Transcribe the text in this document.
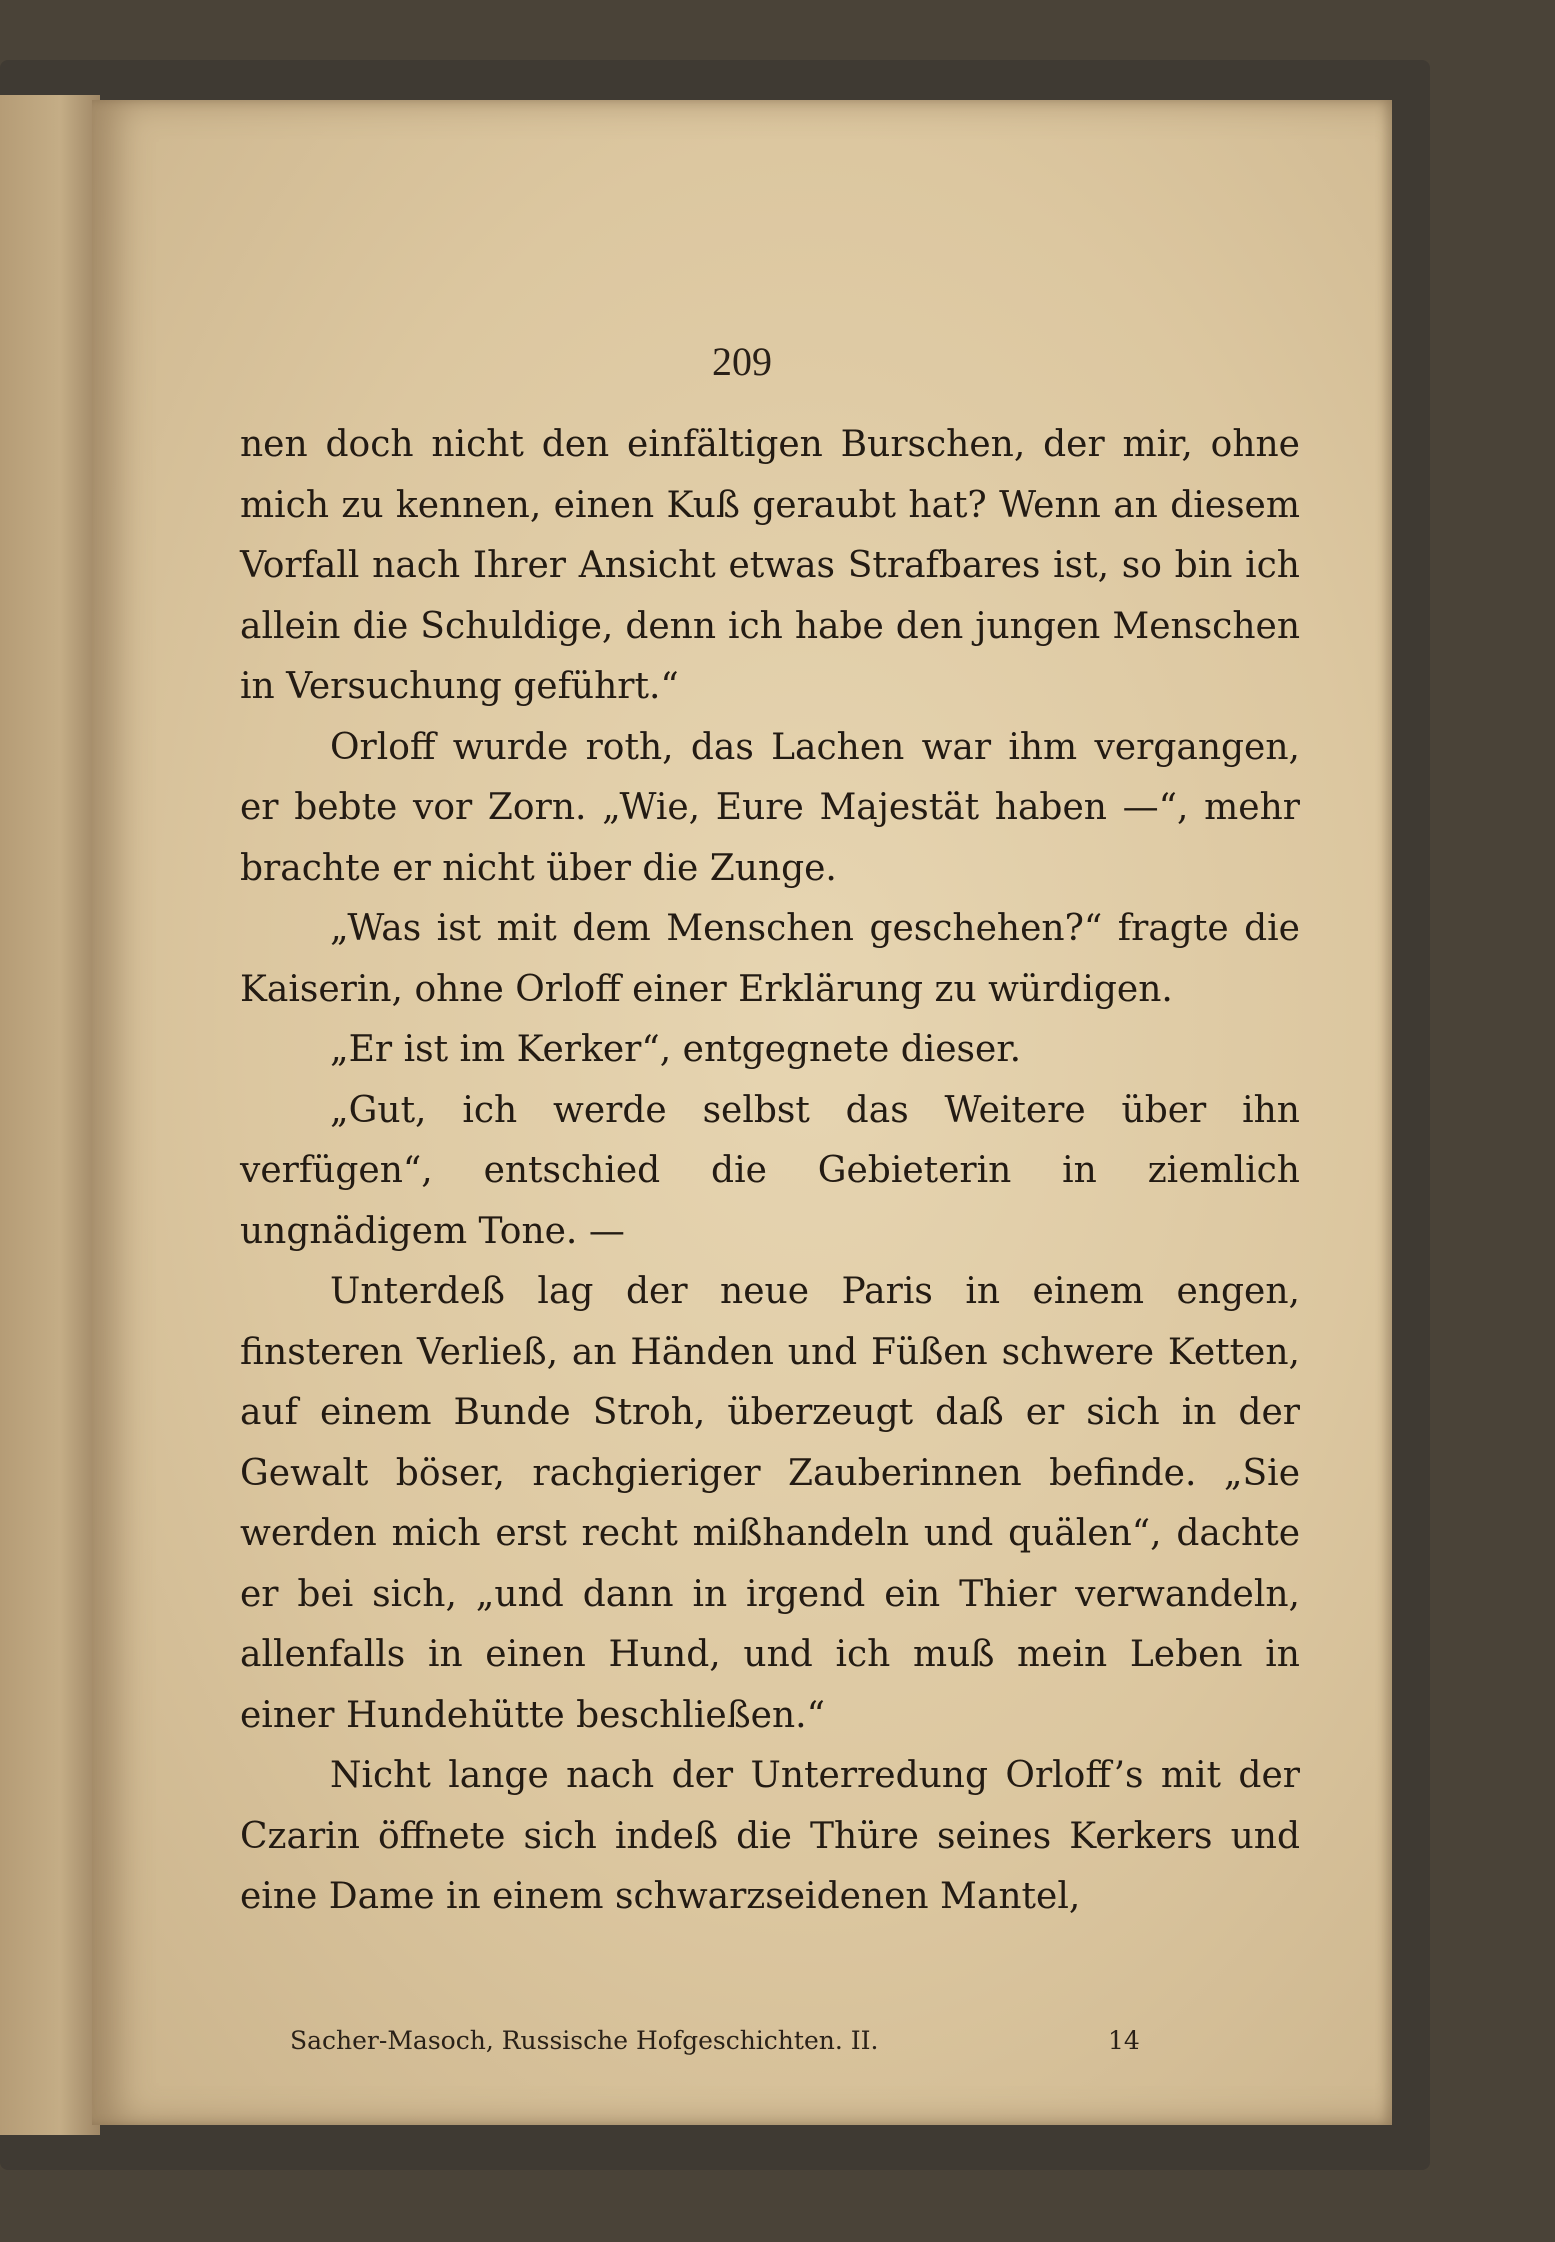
209

nen doch nicht den einfältigen Burschen, der mir, ohne mich zu kennen, einen Kuß geraubt hat? Wenn an diesem Vorfall nach Ihrer Ansicht etwas Strafbares ist, so bin ich allein die Schuldige, denn ich habe den jungen Menschen in Versuchung geführt.“

Orloff wurde roth, das Lachen war ihm vergangen, er bebte vor Zorn. „Wie, Eure Majestät haben —“, mehr brachte er nicht über die Zunge.

„Was ist mit dem Menschen geschehen?“ fragte die Kaiserin, ohne Orloff einer Erklärung zu würdigen.

„Er ist im Kerker“, entgegnete dieser.

„Gut, ich werde selbst das Weitere über ihn verfügen“, entschied die Gebieterin in ziemlich ungnädigem Tone. —

Unterdeß lag der neue Paris in einem engen, finsteren Verließ, an Händen und Füßen schwere Ketten, auf einem Bunde Stroh, überzeugt daß er sich in der Gewalt böser, rachgieriger Zauberinnen befinde. „Sie werden mich erst recht mißhandeln und quälen“, dachte er bei sich, „und dann in irgend ein Thier verwandeln, allenfalls in einen Hund, und ich muß mein Leben in einer Hundehütte beschließen.“

Nicht lange nach der Unterredung Orloff’s mit der Czarin öffnete sich indeß die Thüre seines Kerkers und eine Dame in einem schwarzseidenen Mantel,

Sacher-Masoch, Russische Hofgeschichten. II.	14
